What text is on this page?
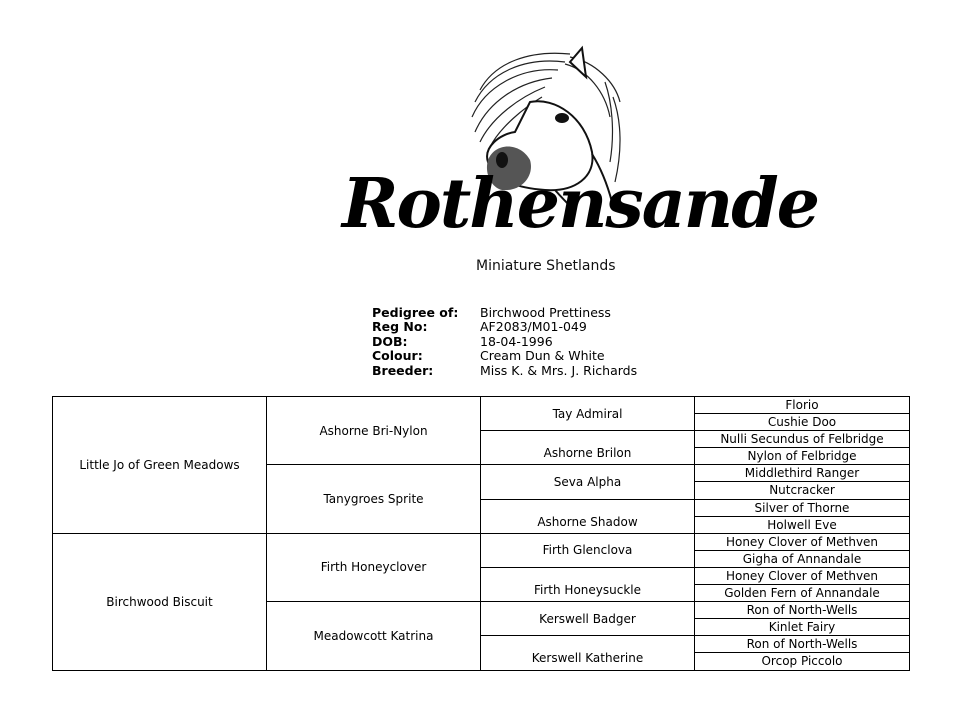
Rothensande
Miniature Shetlands
Pedigree of:	Birchwood Prettiness
Reg No:	AF2083/M01-049
DOB:	18-04-1996
Colour:	Cream Dun & White
Breeder:	Miss K. & Mrs. J. Richards
Little Jo of Green Meadows	Ashorne Bri-Nylon	Tay Admiral	Florio
			Cushie Doo
		Ashorne Brilon	Nulli Secundus of Felbridge
			Nylon of Felbridge
	Tanygroes Sprite	Seva Alpha	Middlethird Ranger
			Nutcracker
		Ashorne Shadow	Silver of Thorne
			Holwell Eve
Birchwood Biscuit	Firth Honeyclover	Firth Glenclova	Honey Clover of Methven
			Gigha of Annandale
		Firth Honeysuckle	Honey Clover of Methven
			Golden Fern of Annandale
	Meadowcott Katrina	Kerswell Badger	Ron of North-Wells
			Kinlet Fairy
		Kerswell Katherine	Ron of North-Wells
			Orcop Piccolo
